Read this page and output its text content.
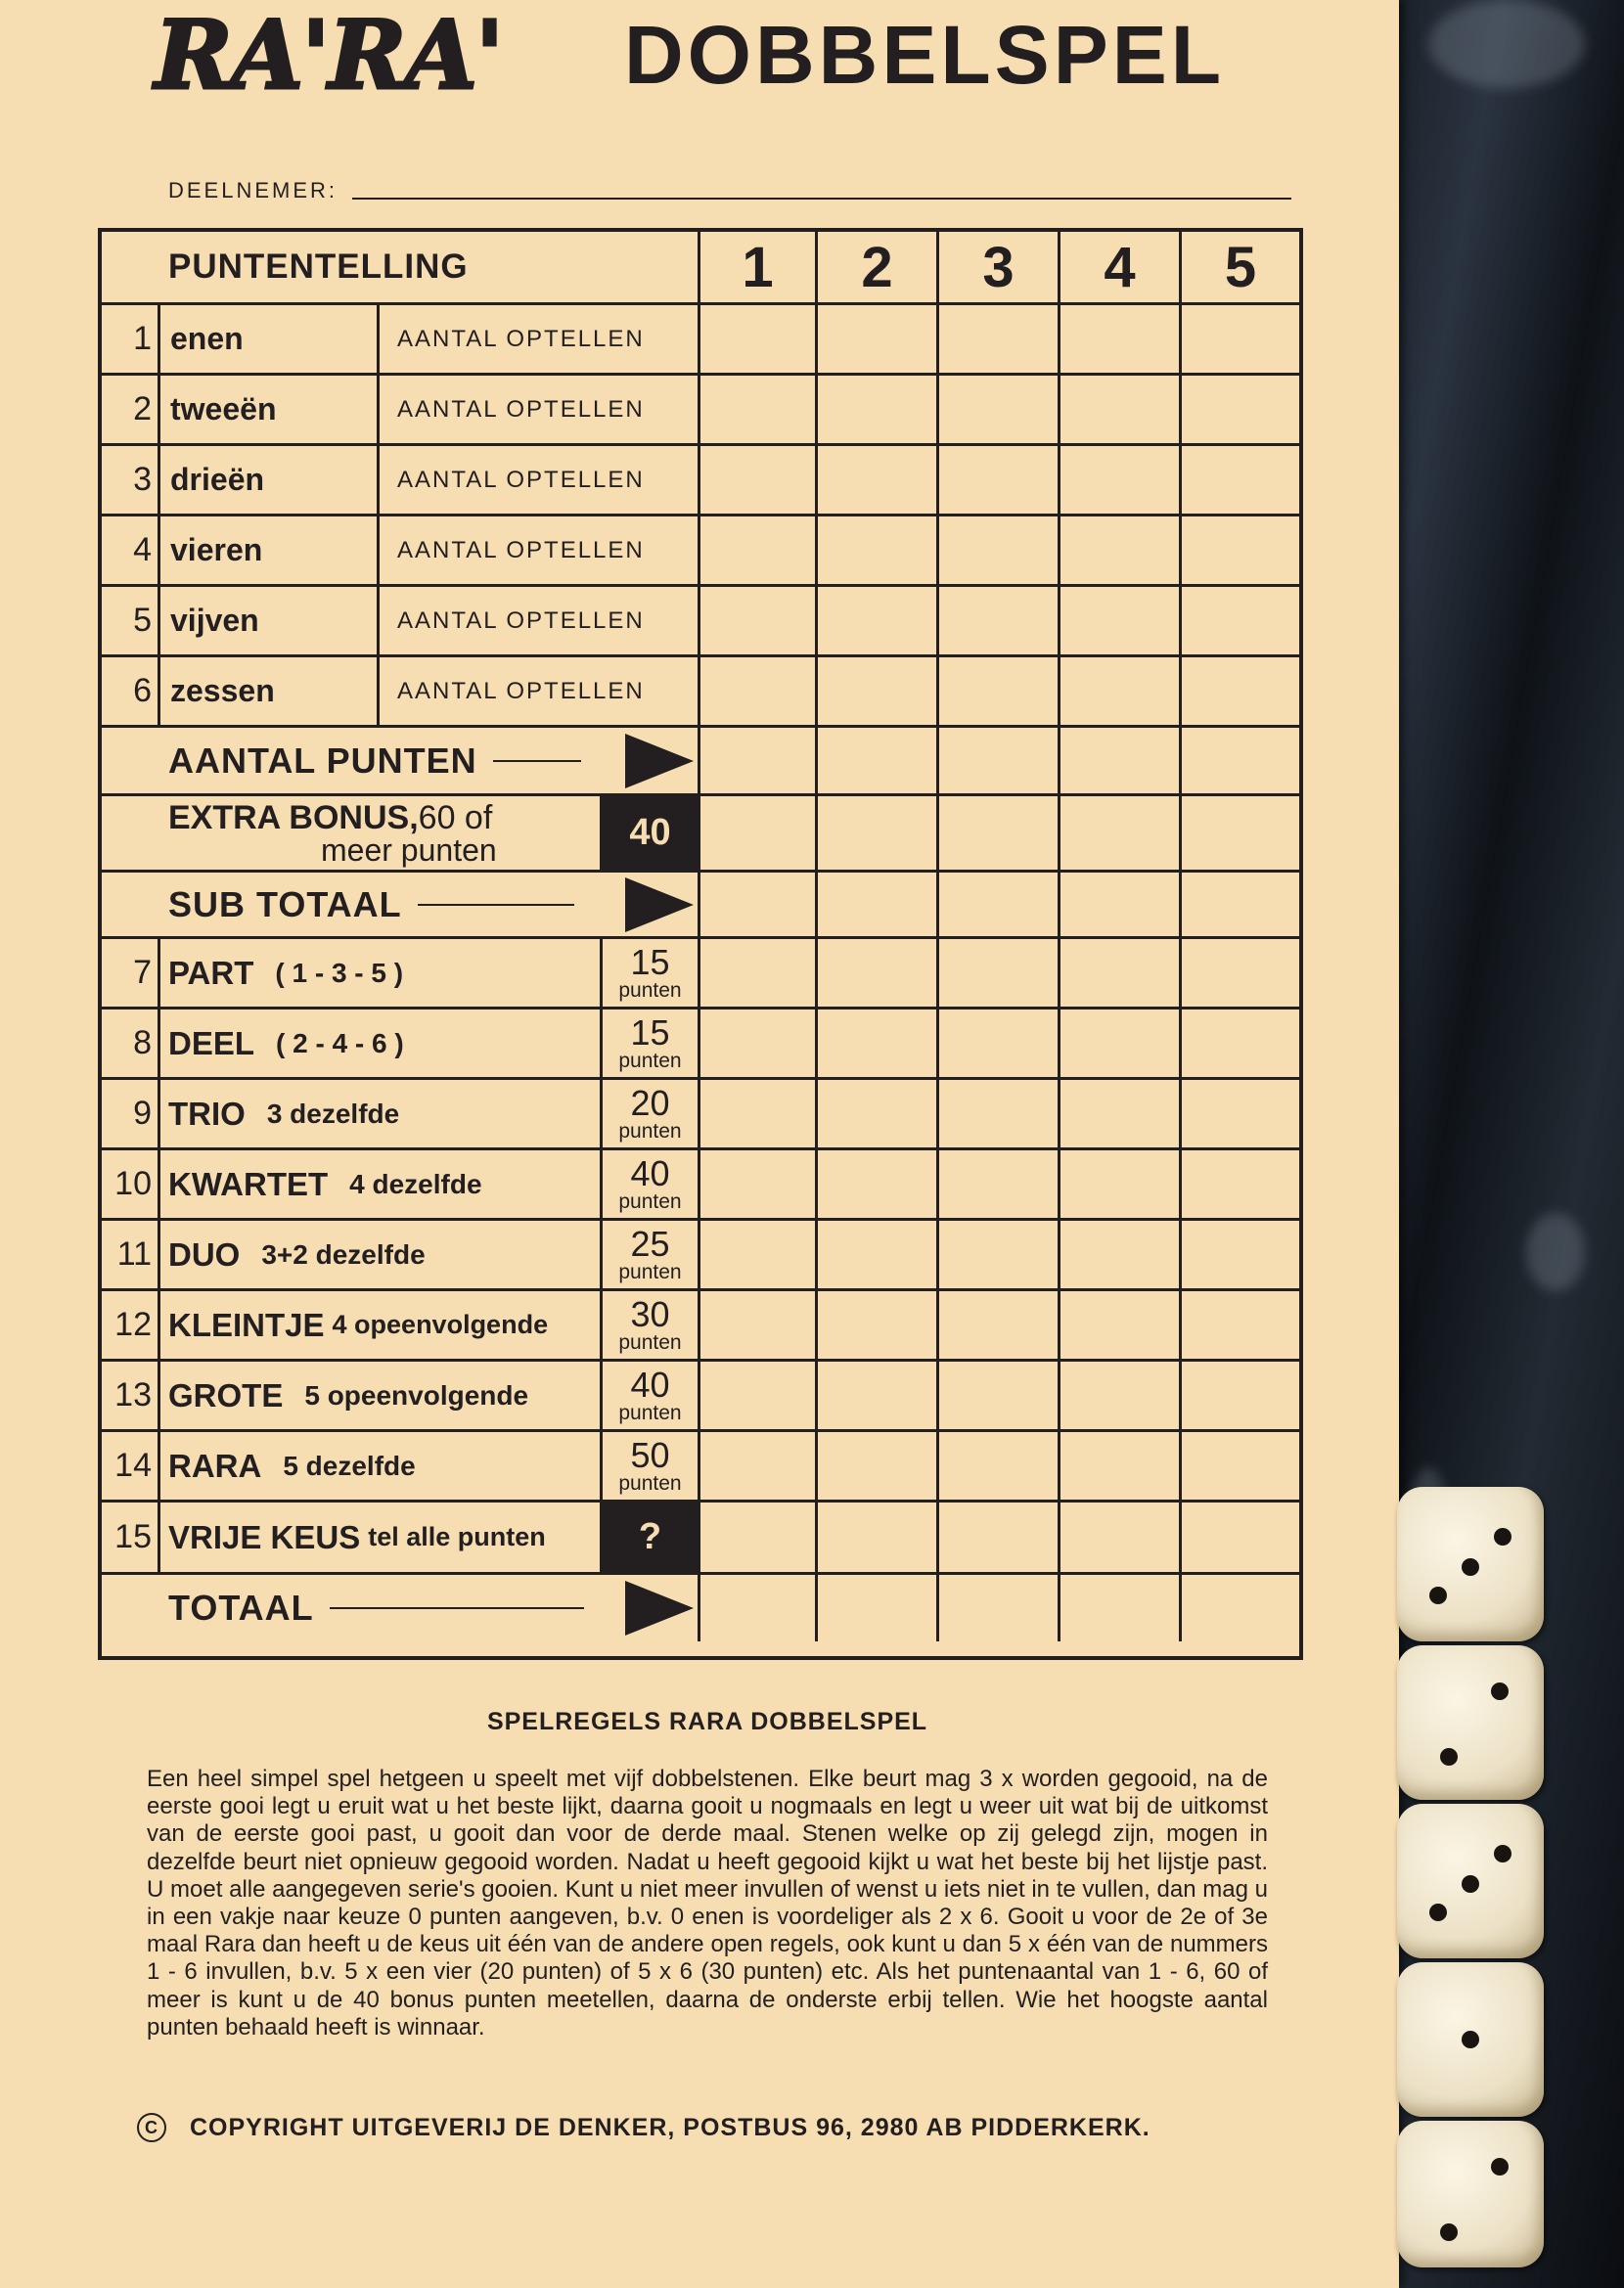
RA'RA' DOBBELSPEL
DEELNEMER:
PUNTENTELLING	1	2	3	4	5
1 enen	AANTAL OPTELLEN
2 tweeën	AANTAL OPTELLEN
3 drieën	AANTAL OPTELLEN
4 vieren	AANTAL OPTELLEN
5 vijven	AANTAL OPTELLEN
6 zessen	AANTAL OPTELLEN
AANTAL PUNTEN
EXTRA BONUS,60 of
meer punten	40
SUB TOTAAL
7 PART ( 1 - 3 - 5 )	15
punten
8 DEEL ( 2 - 4 - 6 )	15
punten
9 TRIO 3 dezelfde	20
punten
10 KWARTET 4 dezelfde	40
punten
11 DUO 3+2 dezelfde	25
punten
12 KLEINTJE 4 opeenvolgende 30
punten
13 GROTE 5 opeenvolgende	40
punten
14 RARA 5 dezelfde	50
punten
15 VRIJE KEUS tel alle punten	?
TOTAAL
SPELREGELS RARA DOBBELSPEL
Een heel simpel spel hetgeen u speelt met vijf dobbelstenen. Elke beurt mag 3 x worden gegooid, na de eerste gooi legt u eruit wat u het beste lijkt, daarna gooit u nogmaals en legt u weer uit wat bij de uitkomst van de eerste gooi past, u gooit dan voor de derde maal. Stenen welke op zij gelegd zijn, mogen in dezelfde beurt niet opnieuw gegooid worden. Nadat u heeft gegooid kijkt u wat het beste bij het lijstje past. U moet alle aangegeven serie's gooien. Kunt u niet meer invullen of wenst u iets niet in te vullen, dan mag u in een vakje naar keuze 0 punten aangeven, b.v. 0 enen is voordeliger als 2 x 6. Gooit u voor de 2e of 3e maal Rara dan heeft u de keus uit één van de andere open regels, ook kunt u dan 5 x één van de nummers 1 - 6 invullen, b.v. 5 x een vier (20 punten) of 5 x 6 (30 punten) etc. Als het puntenaantal van 1 - 6, 60 of meer is kunt u de 40 bonus punten meetellen, daarna de onderste erbij tellen. Wie het hoogste aantal punten behaald heeft is winnaar.
C	COPYRIGHT UITGEVERIJ DE DENKER, POSTBUS 96, 2980 AB PIDDERKERK.
